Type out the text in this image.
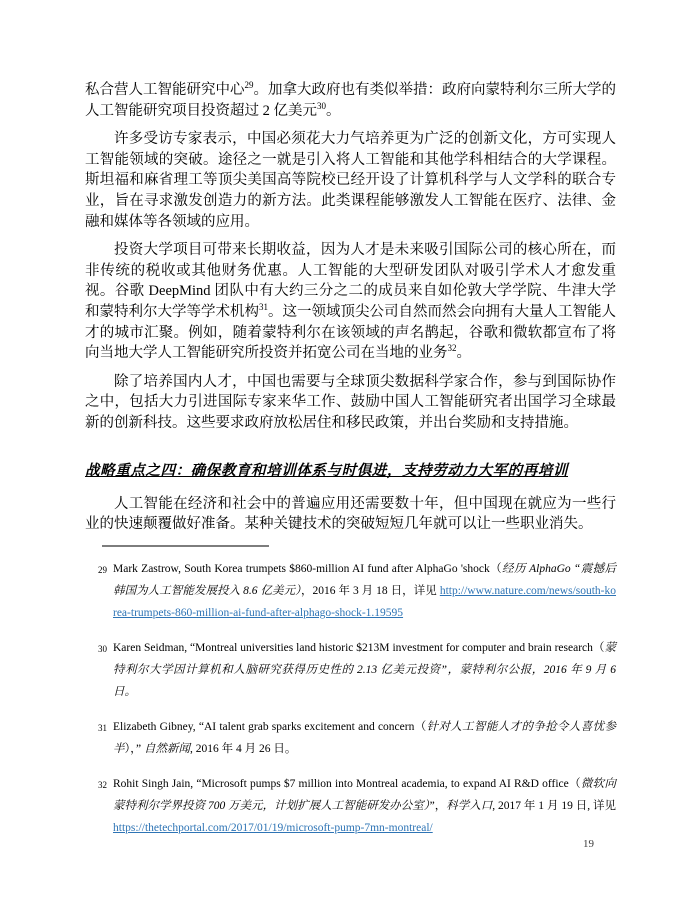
私合营人工智能研究中心$^{29}$。加拿大政府也有类似举措：政府向蒙特利尔三所大学的人工智能研究项目投资超过 2 亿美元$^{30}$。

许多受访专家表示，中国必须花大力气培养更为广泛的创新文化，方可实现人工智能领域的突破。途径之一就是引入将人工智能和其他学科相结合的大学课程。斯坦福和麻省理工等顶尖美国高等院校已经开设了计算机科学与人文学科的联合专业，旨在寻求激发创造力的新方法。此类课程能够激发人工智能在医疗、法律、金融和媒体等各领域的应用。

投资大学项目可带来长期收益，因为人才是未来吸引国际公司的核心所在，而非传统的税收或其他财务优惠。人工智能的大型研发团队对吸引学术人才愈发重视。谷歌 DeepMind 团队中有大约三分之二的成员来自如伦敦大学学院、牛津大学和蒙特利尔大学等学术机构$^{31}$。这一领域顶尖公司自然而然会向拥有大量人工智能人才的城市汇聚。例如，随着蒙特利尔在该领域的声名鹊起，谷歌和微软都宣布了将向当地大学人工智能研究所投资并拓宽公司在当地的业务$^{32}$。

除了培养国内人才，中国也需要与全球顶尖数据科学家合作，参与到国际协作之中，包括大力引进国际专家来华工作、鼓励中国人工智能研究者出国学习全球最新的创新科技。这些要求政府放松居住和移民政策，并出台奖励和支持措施。

战略重点之四：确保教育和培训体系与时俱进，支持劳动力大军的再培训

人工智能在经济和社会中的普遍应用还需要数十年，但中国现在就应为一些行业的快速颠覆做好准备。某种关键技术的突破短短几年就可以让一些职业消失。

29 Mark Zastrow, South Korea trumpets $860-million AI fund after AlphaGo 'shock（经历 AlphaGo “震撼后韩国为人工智能发展投入 8.6 亿美元），2016 年 3 月 18 日，详见 http://www.nature.com/news/south-korea-trumpets-860-million-ai-fund-after-alphago-shock-1.19595
30 Karen Seidman, “Montreal universities land historic $213M investment for computer and brain research（蒙特利尔大学因计算机和人脑研究获得历史性的 2.13 亿美元投资”，蒙特利尔公报，2016 年 9 月 6 日。
31 Elizabeth Gibney, “AI talent grab sparks excitement and concern（针对人工智能人才的争抢令人喜忧参半），” 自然新闻, 2016 年 4 月 26 日。
32 Rohit Singh Jain, “Microsoft pumps $7 million into Montreal academia, to expand AI R&D office（微软向蒙特利尔学界投资 700 万美元，计划扩展人工智能研发办公室）”，科学入口, 2017 年 1 月 19 日, 详见 https://thetechportal.com/2017/01/19/microsoft-pump-7mn-montreal/
19
